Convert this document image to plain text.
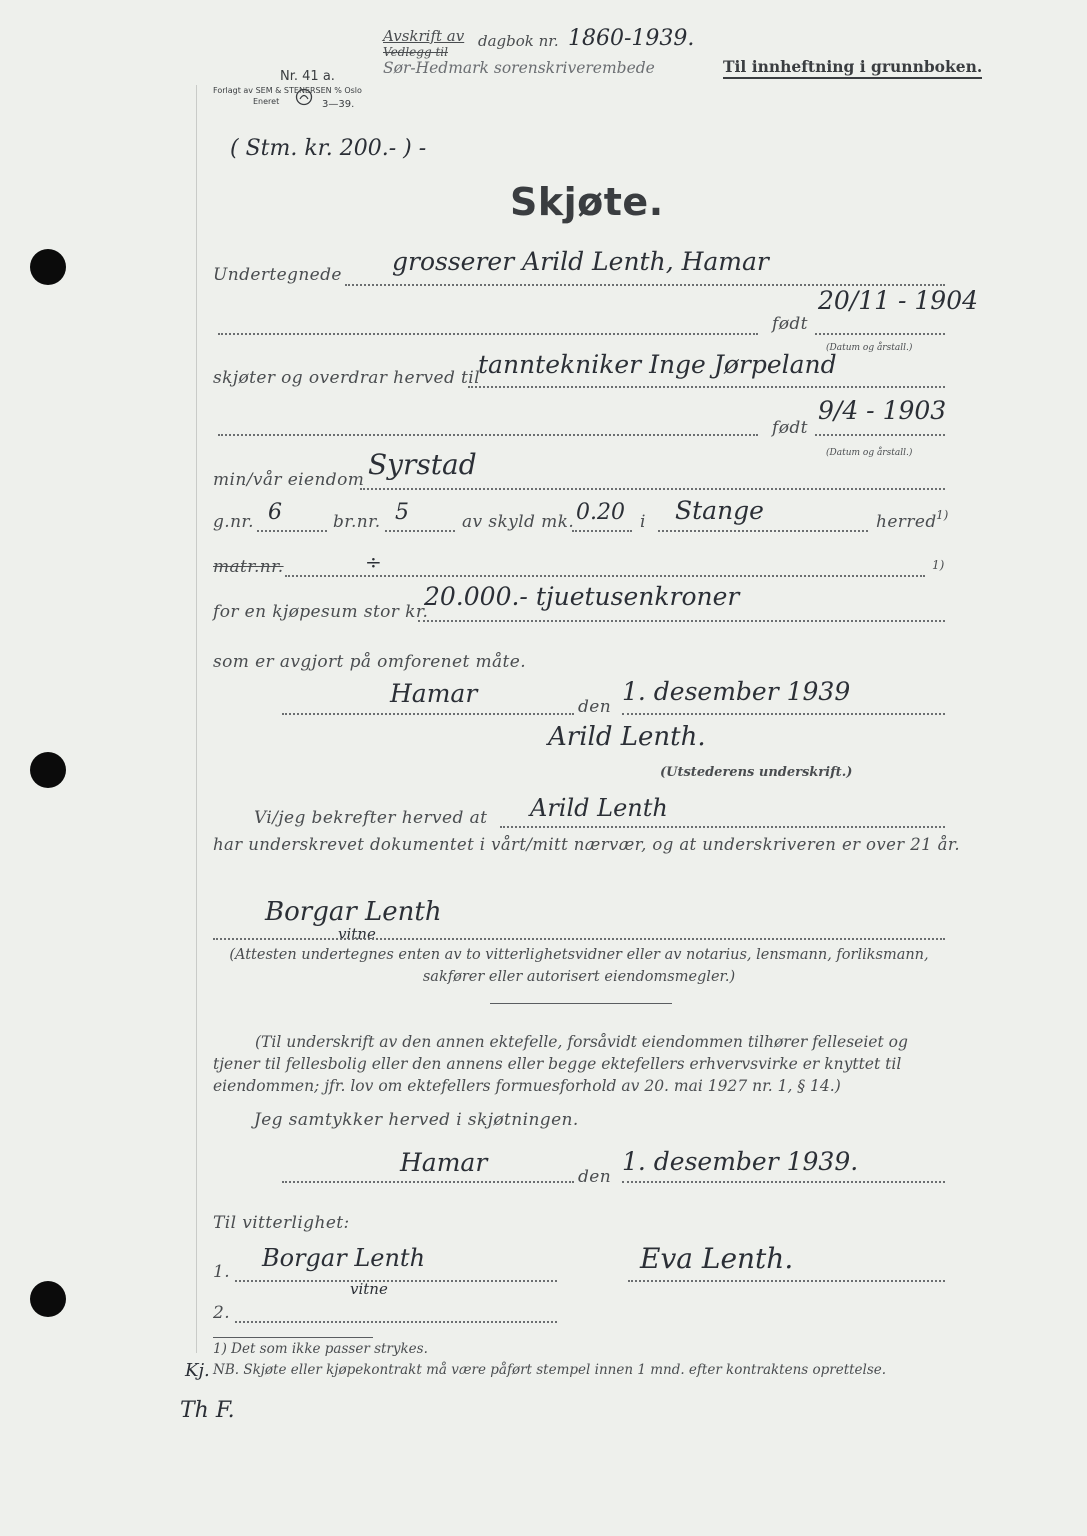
Avskrift av
Vedlegg til
dagbok nr. 1860-1939.
Sør-Hedmark sorenskriverembede
Nr. 41 a.
Forlagt av SEM & STENERSEN % Oslo
Eneret	3—39.
Til innheftning i grunnboken.
( Stm. kr. 200.- ) -
Skjøte.
Undertegnede grosserer Arild Lenth, Hamar
født
20/11 - 1904
(Datum og årstall.)
skjøter og overdrar herved til
tanntekniker Inge Jørpeland
født
9/4 - 1903
(Datum og årstall.)
min/vår eiendom Syrstad
g.nr. 6	br.nr. 5	av skyld mk. 0.20 i Stange	herred 1)
matr.nr.	÷	1)
for en kjøpesum stor kr.
20.000.- tjuetusenkroner
som er avgjort på omforenet måte.
Hamar	den
1. desember 1939
Arild Lenth.
(Utstederens underskrift.)
Vi/jeg bekrefter herved at Arild Lenth
har underskrevet dokumentet i vårt/mitt nærvær, og at underskriveren er over 21 år.
Borgar Lenth
vitne
(Attesten undertegnes enten av to vitterlighetsvidner eller av notarius, lensmann, forliksmann, sakfører eller autorisert eiendomsmegler.)
(Til underskrift av den annen ektefelle, forsåvidt eiendommen tilhører felleseiet og tjener til fellesbolig eller den annens eller begge ektefellers erhvervsvirke er knyttet til eiendommen; jfr. lov om ektefellers formuesforhold av 20. mai 1927 nr. 1, § 14.)
Jeg samtykker herved i skjøtningen.
Hamar	den
1. desember 1939.
Til vitterlighet:
1. Borgar Lenth
vitne
Eva Lenth.
2.
1) Det som ikke passer strykes.
NB. Skjøte eller kjøpekontrakt må være påført stempel innen 1 mnd. efter kontraktens oprettelse.
Kj.
Th F.
